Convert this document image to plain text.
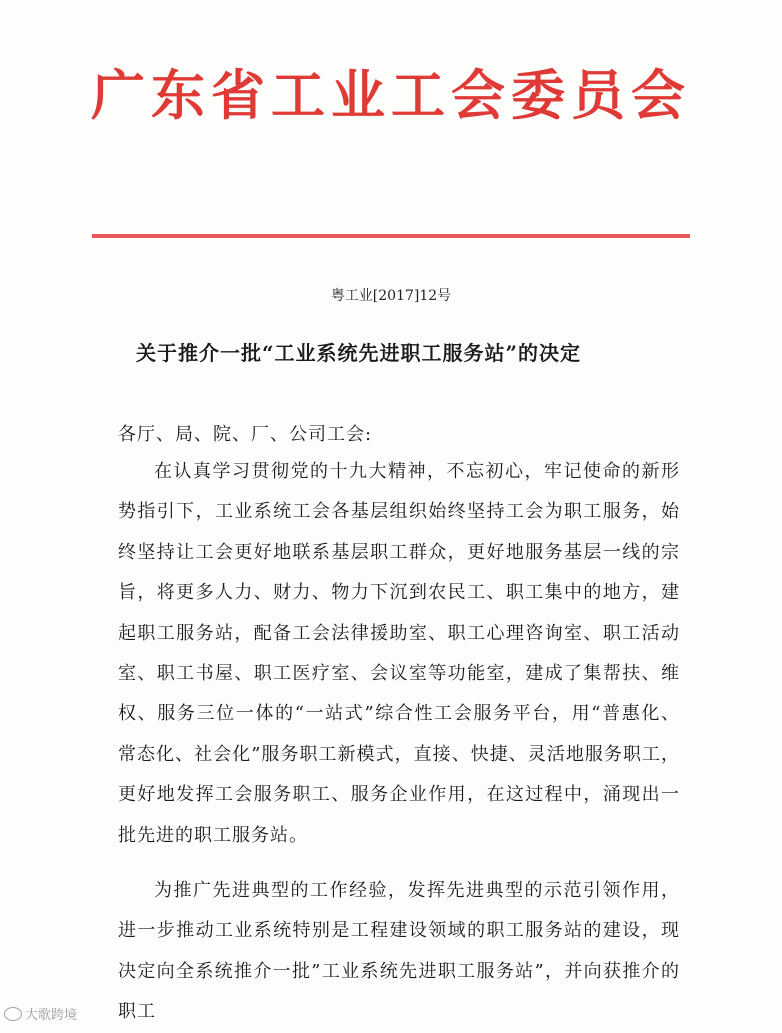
广东省工业工会委员会
粤工业[2017]12号
关于推介一批“工业系统先进职工服务站”的决定
各厅、局、院、厂、公司工会:

在认真学习贯彻党的十九大精神，不忘初心，牢记使命的新形势指引下，工业系统工会各基层组织始终坚持工会为职工服务，始终坚持让工会更好地联系基层职工群众，更好地服务基层一线的宗旨，将更多人力、财力、物力下沉到农民工、职工集中的地方，建起职工服务站，配备工会法律援助室、职工心理咨询室、职工活动室、职工书屋、职工医疗室、会议室等功能室，建成了集帮扶、维权、服务三位一体的“一站式”综合性工会服务平台，用“普惠化、常态化、社会化”服务职工新模式，直接、快捷、灵活地服务职工，更好地发挥工会服务职工、服务企业作用，在这过程中，涌现出一批先进的职工服务站。

为推广先进典型的工作经验，发挥先进典型的示范引领作用，进一步推动工业系统特别是工程建设领域的职工服务站的建设，现决定向全系统推介一批”工业系统先进职工服务站”，并向获推介的职工

大歌跨境
